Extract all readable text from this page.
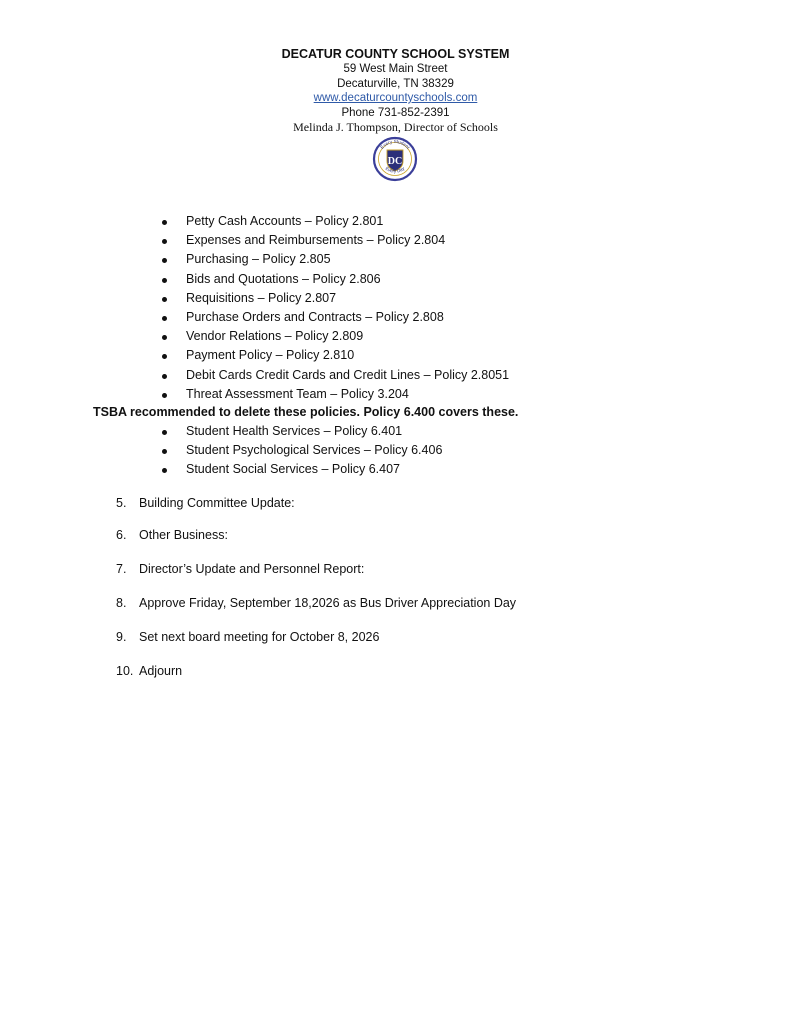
DECATUR COUNTY SCHOOL SYSTEM
59 West Main Street
Decaturville, TN 38329
www.decaturcountyschools.com
Phone 731-852-2391
Melinda J. Thompson, Director of Schools
DC
Every Student
Every Day
Petty Cash Accounts – Policy 2.801
Expenses and Reimbursements – Policy 2.804
Purchasing – Policy 2.805
Bids and Quotations – Policy 2.806
Requisitions – Policy 2.807
Purchase Orders and Contracts – Policy 2.808
Vendor Relations – Policy 2.809
Payment Policy – Policy 2.810
Debit Cards Credit Cards and Credit Lines – Policy 2.8051
Threat Assessment Team – Policy 3.204
TSBA recommended to delete these policies. Policy 6.400 covers these.
Student Health Services – Policy 6.401
Student Psychological Services – Policy 6.406
Student Social Services – Policy 6.407
5. Building Committee Update:
6. Other Business:
7. Director’s Update and Personnel Report:
8. Approve Friday, September 18,2026 as Bus Driver Appreciation Day
9. Set next board meeting for October 8, 2026
10. Adjourn
